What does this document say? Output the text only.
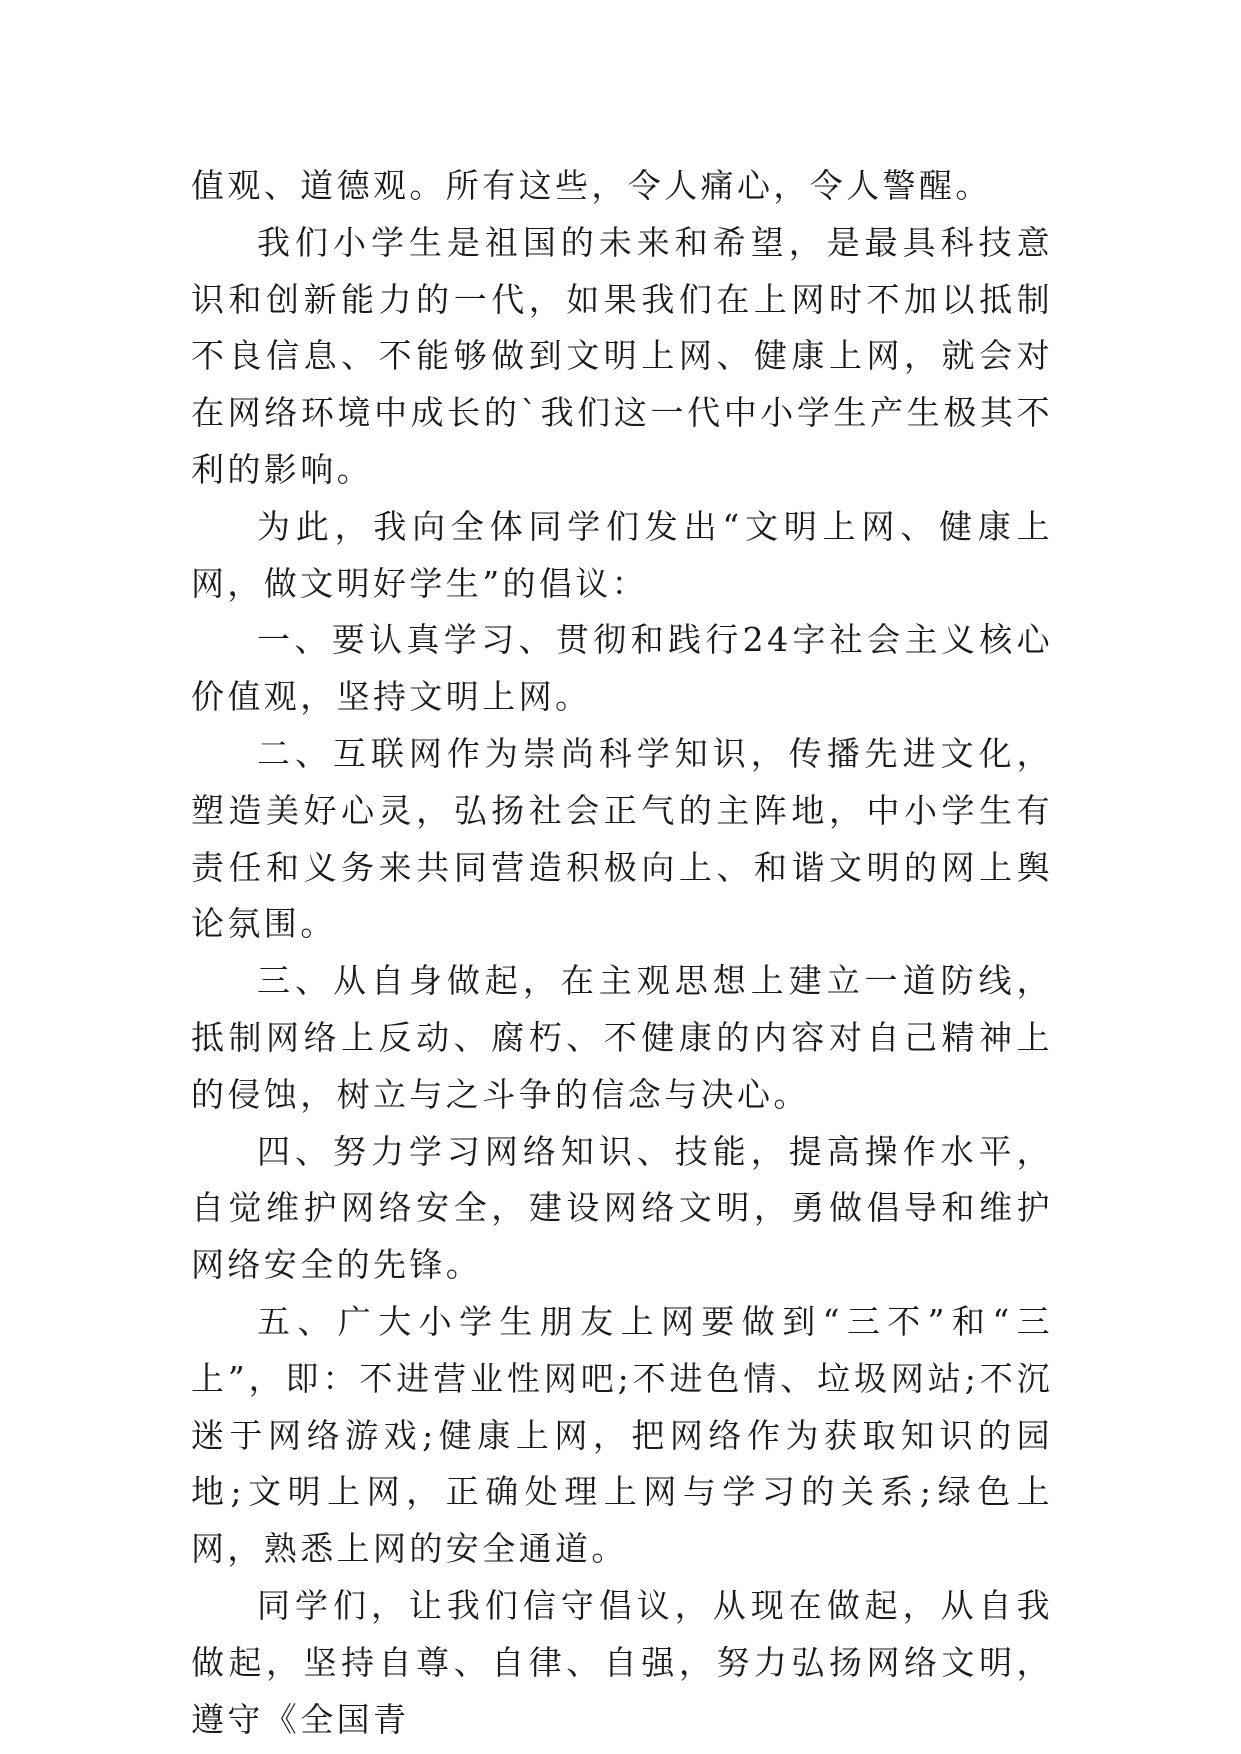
值观、道德观。所有这些，令人痛心，令人警醒。

我们小学生是祖国的未来和希望，是最具科技意识和创新能力的一代，如果我们在上网时不加以抵制不良信息、不能够做到文明上网、健康上网，就会对在网络环境中成长的`我们这一代中小学生产生极其不利的影响。

为此，我向全体同学们发出“文明上网、健康上网，做文明好学生”的倡议：

一、要认真学习、贯彻和践行24字社会主义核心价值观，坚持文明上网。

二、互联网作为崇尚科学知识，传播先进文化，塑造美好心灵，弘扬社会正气的主阵地，中小学生有责任和义务来共同营造积极向上、和谐文明的网上舆论氛围。

三、从自身做起，在主观思想上建立一道防线，抵制网络上反动、腐朽、不健康的内容对自己精神上的侵蚀，树立与之斗争的信念与决心。

四、努力学习网络知识、技能，提高操作水平，自觉维护网络安全，建设网络文明，勇做倡导和维护网络安全的先锋。

五、广大小学生朋友上网要做到“三不”和“三上”，即：不进营业性网吧;不进色情、垃圾网站;不沉迷于网络游戏;健康上网，把网络作为获取知识的园地;文明上网，正确处理上网与学习的关系;绿色上网，熟悉上网的安全通道。

同学们，让我们信守倡议，从现在做起，从自我做起，坚持自尊、自律、自强，努力弘扬网络文明，遵守《全国青
